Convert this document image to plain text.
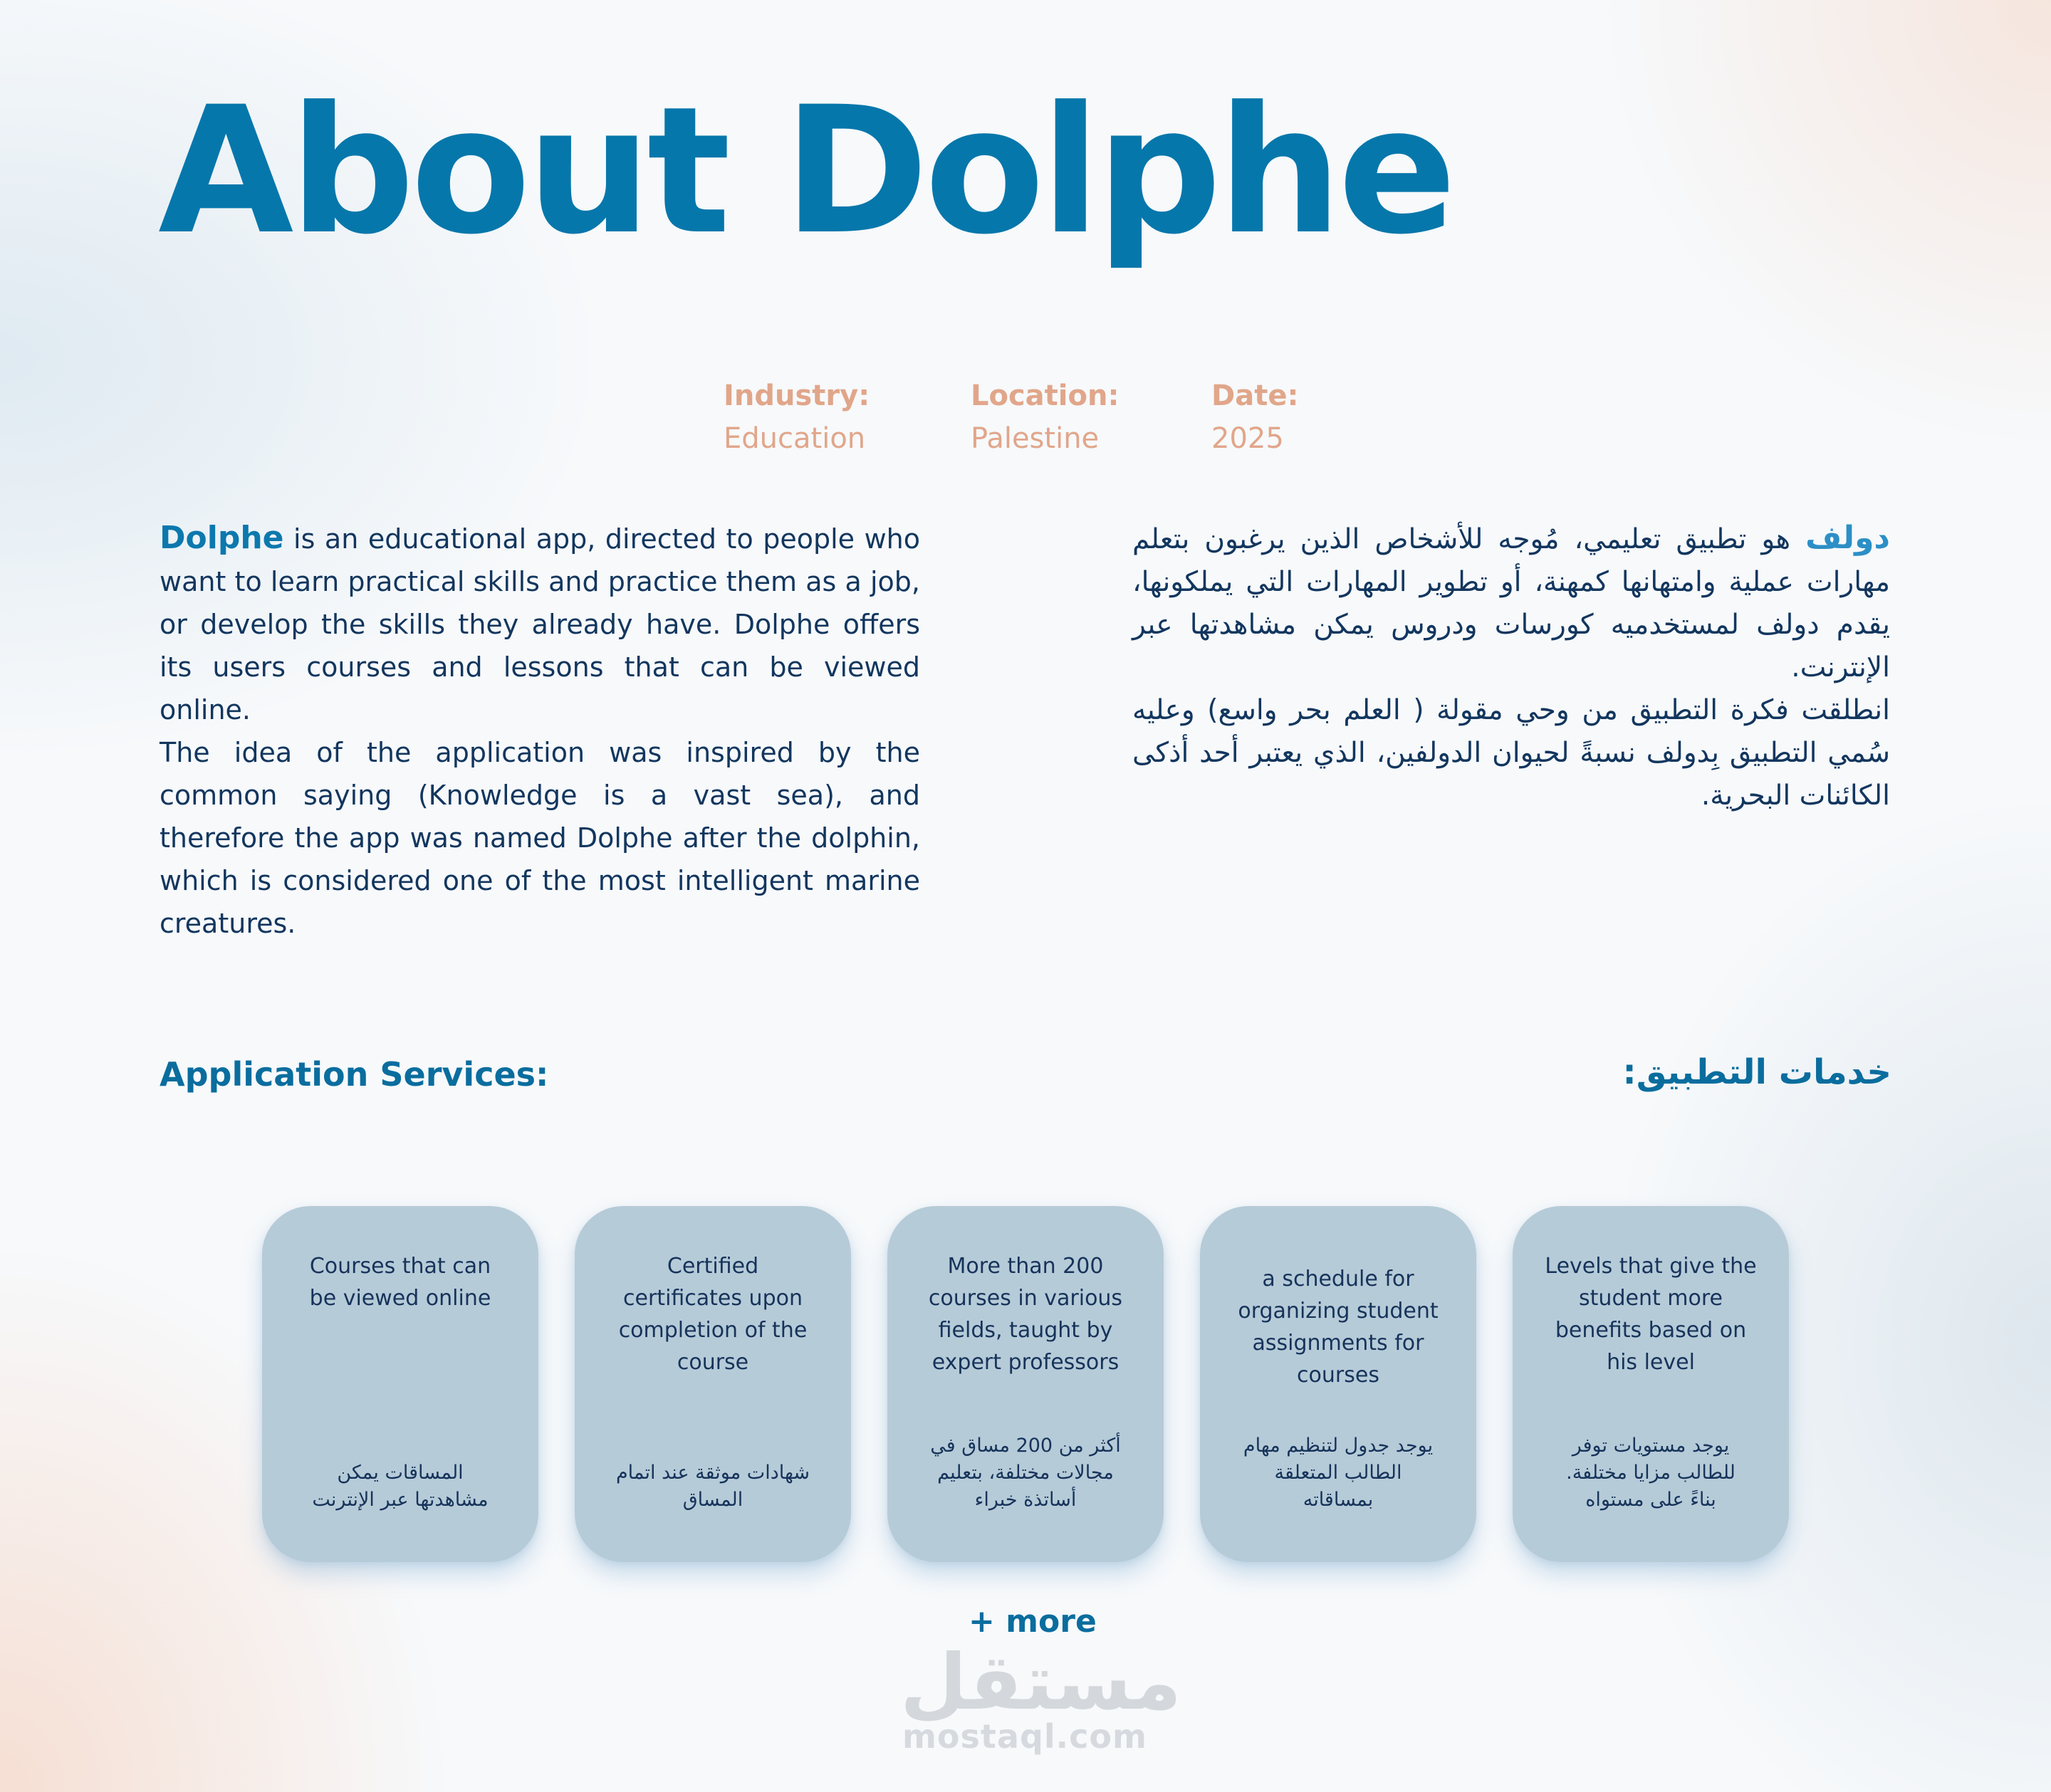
About Dolphe
Industry:
Education
Location:
Palestine
Date:
2025

Dolphe is an educational app, directed to people who want to learn practical skills and practice them as a job, or develop the skills they already have. Dolphe offers its users courses and lessons that can be viewed online.

The idea of the application was inspired by the common saying (Knowledge is a vast sea), and therefore the app was named Dolphe after the dolphin, which is considered one of the most intelligent marine creatures.

دولف هو تطبيق تعليمي، مُوجه للأشخاص الذين يرغبون بتعلم مهارات عملية وامتهانها كمهنة، أو تطوير المهارات التي يملكونها، يقدم دولف لمستخدميه كورسات ودروس يمكن مشاهدتها عبر الإنترنت.

انطلقت فكرة التطبيق من وحي مقولة ( العلم بحر واسع) وعليه سُمي التطبيق بِدولف نسبةً لحيوان الدولفين، الذي يعتبر أحد أذكى الكائنات البحرية.

Application Services:	خدمات التطبيق:
Courses that can be viewed online
المساقات يمكن مشاهدتها عبر الإنترنت
Certified certificates upon completion of the course
شهادات موثقة عند اتمام المساق
More than 200 courses in various fields, taught by expert professors
أكثر من 200 مساق في مجالات مختلفة، بتعليم أساتذة خبراء
a schedule for organizing student assignments for courses
يوجد جدول لتنظيم مهام الطالب المتعلقة بمساقاته
Levels that give the student more benefits based on his level
يوجد مستويات توفر للطالب مزايا مختلفة. بناءً على مستواه

+ more

مستقل
mostaql.com
